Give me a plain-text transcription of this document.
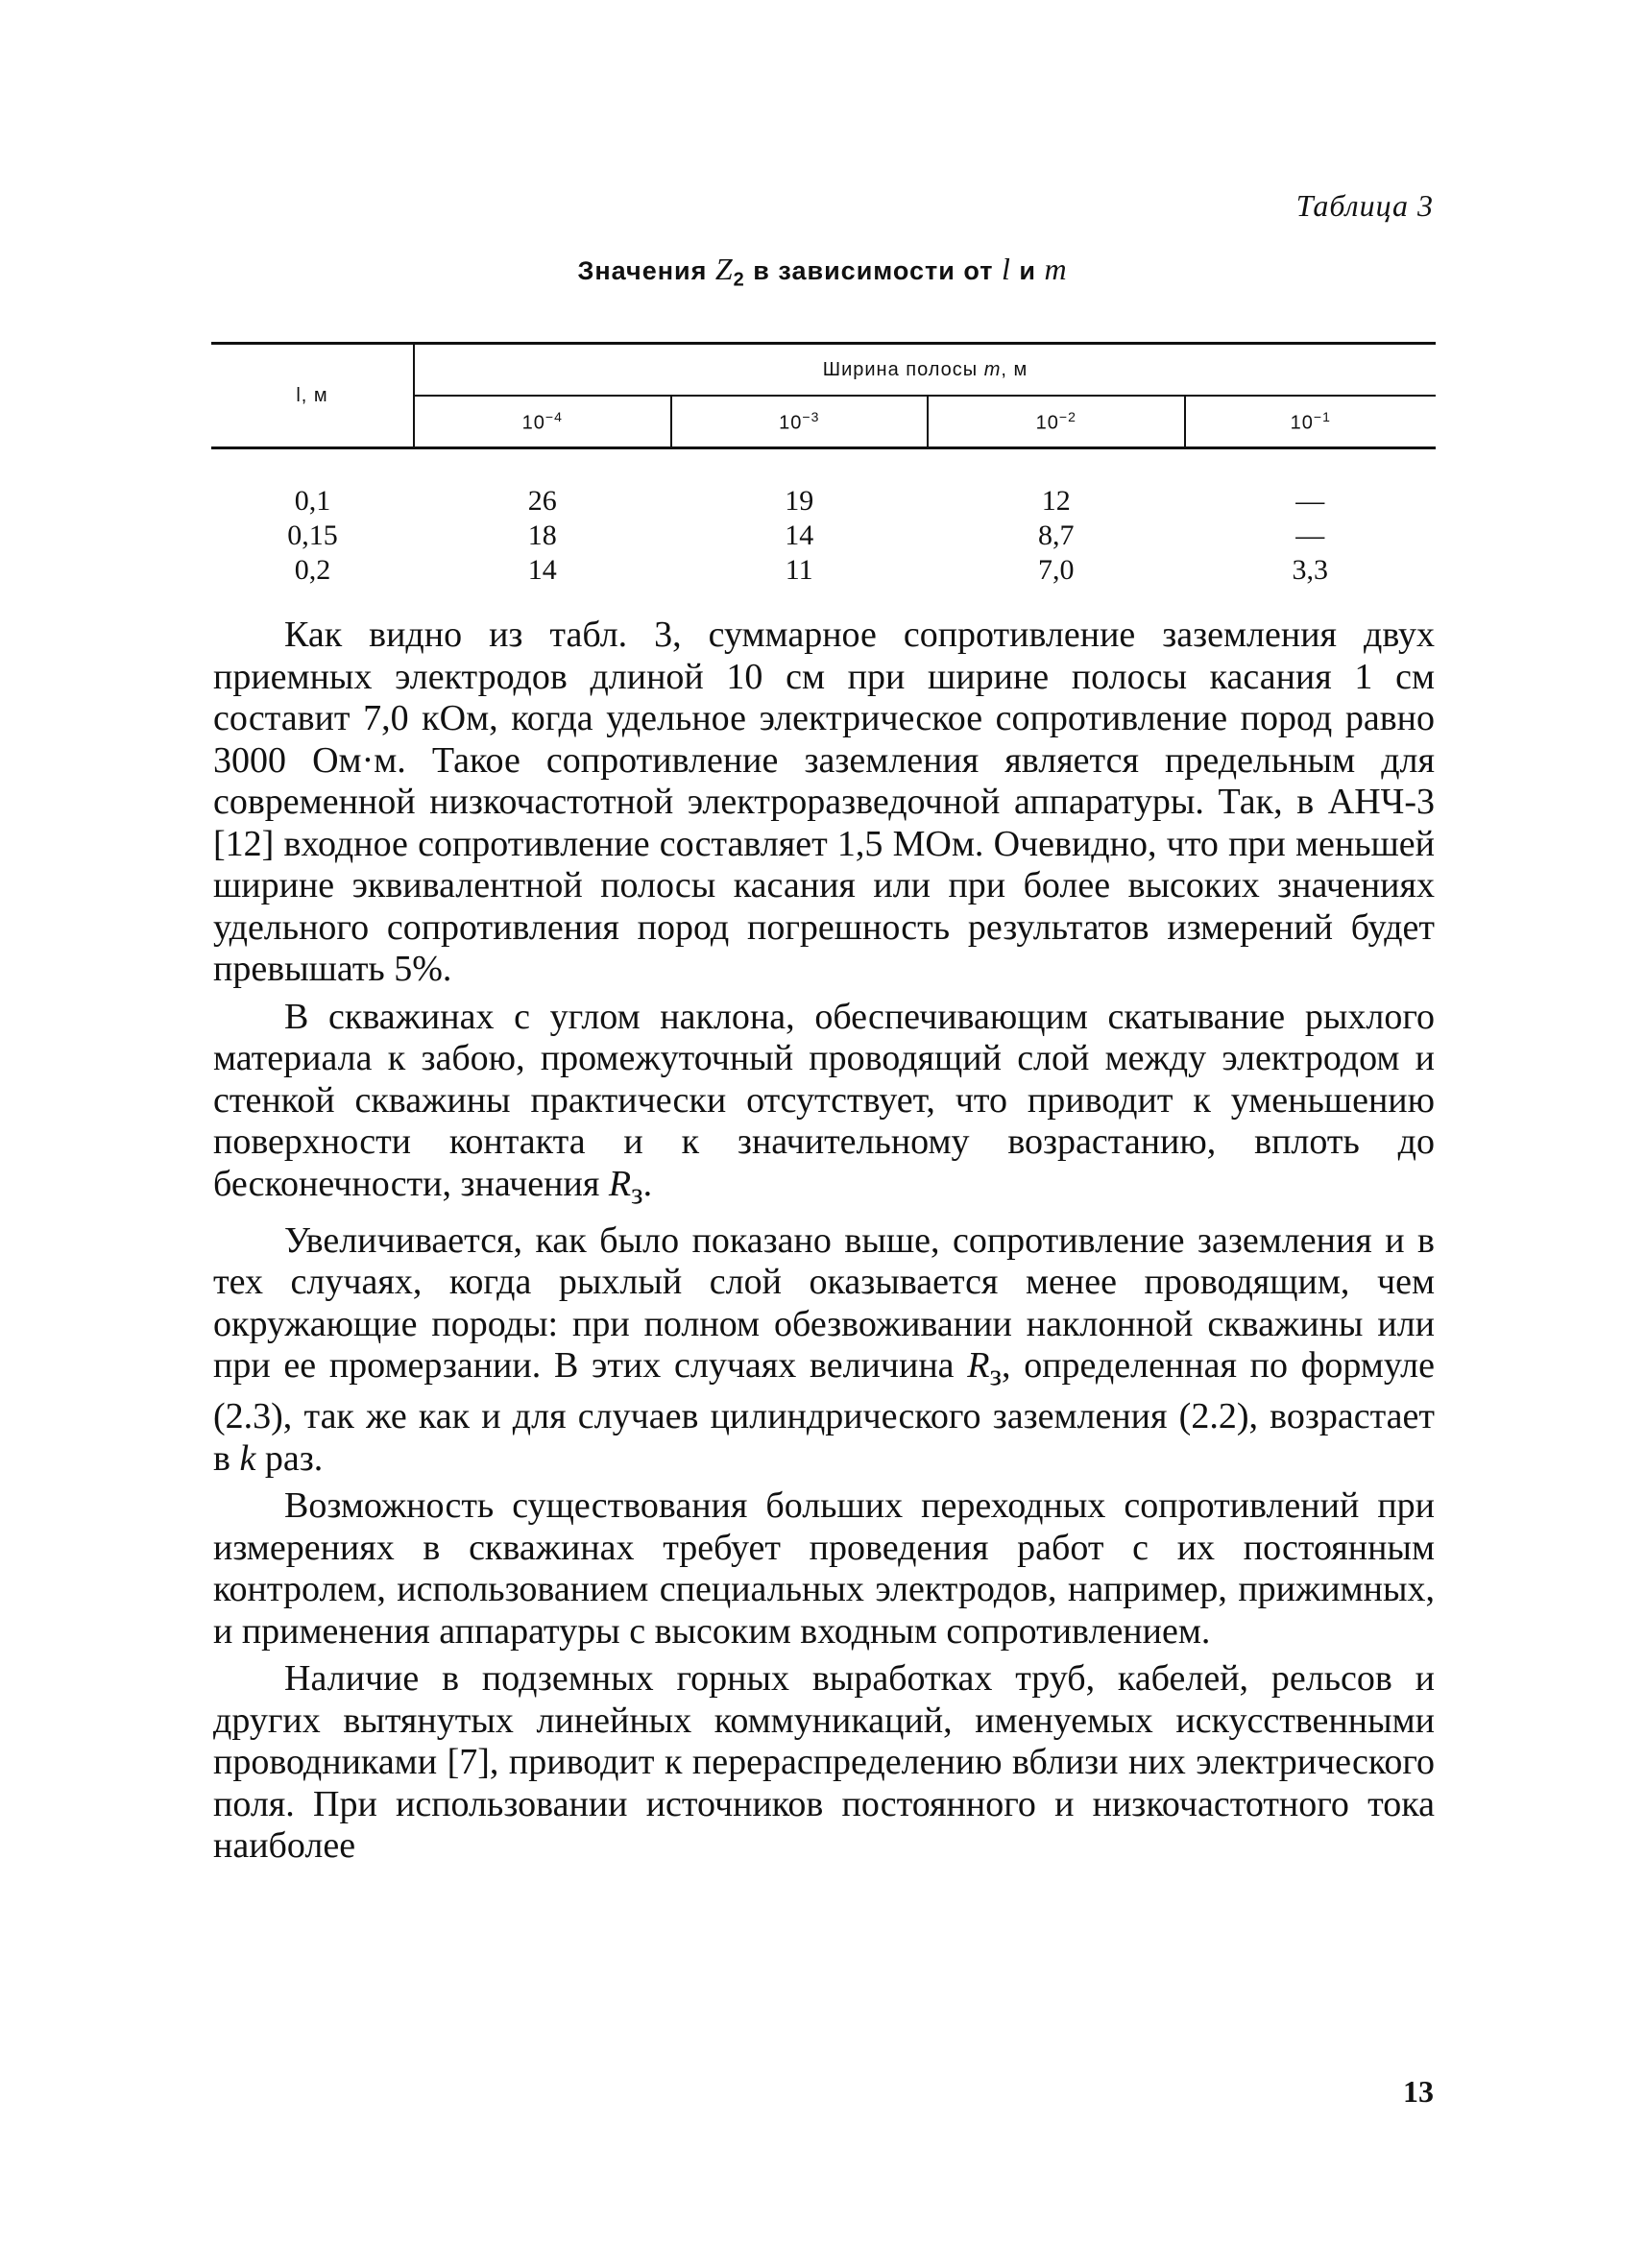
Таблица 3
Значения $Z_2$ в зависимости от l и m
l, м	Ширина полосы m, м			
	$10^{-4}$	$10^{-3}$	$10^{-2}$	$10^{-1}$

0,1	26	19	12	—
0,15	18	14	8,7	—
0,2	14	11	7,0	3,3

Как видно из табл. 3, суммарное сопротивление заземления двух приемных электродов длиной 10 см при ширине полосы касания 1 см составит 7,0 кОм, когда удельное электрическое сопротивление пород равно 3000 Ом·м. Такое сопротивление заземления является предельным для современной низкочастотной электроразведочной аппаратуры. Так, в АНЧ-3 [12] входное сопротивление составляет 1,5 МОм. Очевидно, что при меньшей ширине эквивалентной полосы касания или при более высоких значениях удельного сопротивления пород погрешность результатов измерений будет превышать 5%.

В скважинах с углом наклона, обеспечивающим скатывание рыхлого материала к забою, промежуточный проводящий слой между электродом и стенкой скважины практически отсутствует, что приводит к уменьшению поверхности контакта и к значительному возрастанию, вплоть до бесконечности, значения $R_з$.

Увеличивается, как было показано выше, сопротивление заземления и в тех случаях, когда рыхлый слой оказывается менее проводящим, чем окружающие породы: при полном обезвоживании наклонной скважины или при ее промерзании. В этих случаях величина $R_з$, определенная по формуле (2.3), так же как и для случаев цилиндрического заземления (2.2), возрастает в k раз.

Возможность существования больших переходных сопротивлений при измерениях в скважинах требует проведения работ с их постоянным контролем, использованием специальных электродов, например, прижимных, и применения аппаратуры с высоким входным сопротивлением.

Наличие в подземных горных выработках труб, кабелей, рельсов и других вытянутых линейных коммуникаций, именуемых искусственными проводниками [7], приводит к перераспределению вблизи них электрического поля. При использовании источников постоянного и низкочастотного тока наиболее

13
